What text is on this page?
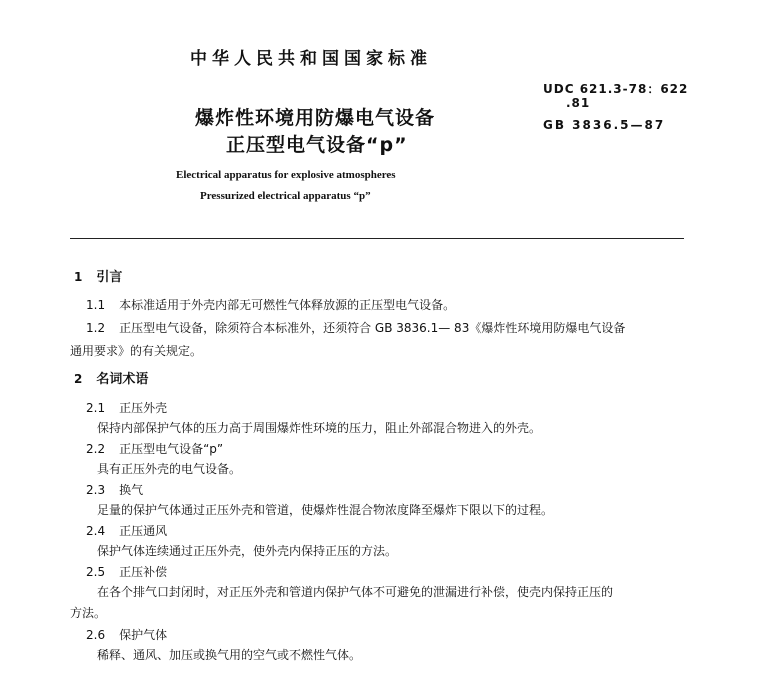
中华人民共和国国家标准
爆炸性环境用防爆电气设备
正压型电气设备“p”
UDC 621.3-78：622
.81
GB 3836.5—87
Electrical apparatus for explosive atmospheres
Pressurized electrical apparatus “p”
1 引言
1.1 本标准适用于外壳内部无可燃性气体释放源的正压型电气设备。
1.2 正压型电气设备，除须符合本标准外，还须符合 GB 3836.1— 83《爆炸性环境用防爆电气设备
通用要求》的有关规定。
2 名词术语
2.1 正压外壳
保持内部保护气体的压力高于周围爆炸性环境的压力，阻止外部混合物进入的外壳。
2.2 正压型电气设备“p”
具有正压外壳的电气设备。
2.3 换气
足量的保护气体通过正压外壳和管道，使爆炸性混合物浓度降至爆炸下限以下的过程。
2.4 正压通风
保护气体连续通过正压外壳，使外壳内保持正压的方法。
2.5 正压补偿
在各个排气口封闭时，对正压外壳和管道内保护气体不可避免的泄漏进行补偿，使壳内保持正压的
方法。
2.6 保护气体
稀释、通风、加压或换气用的空气或不燃性气体。
